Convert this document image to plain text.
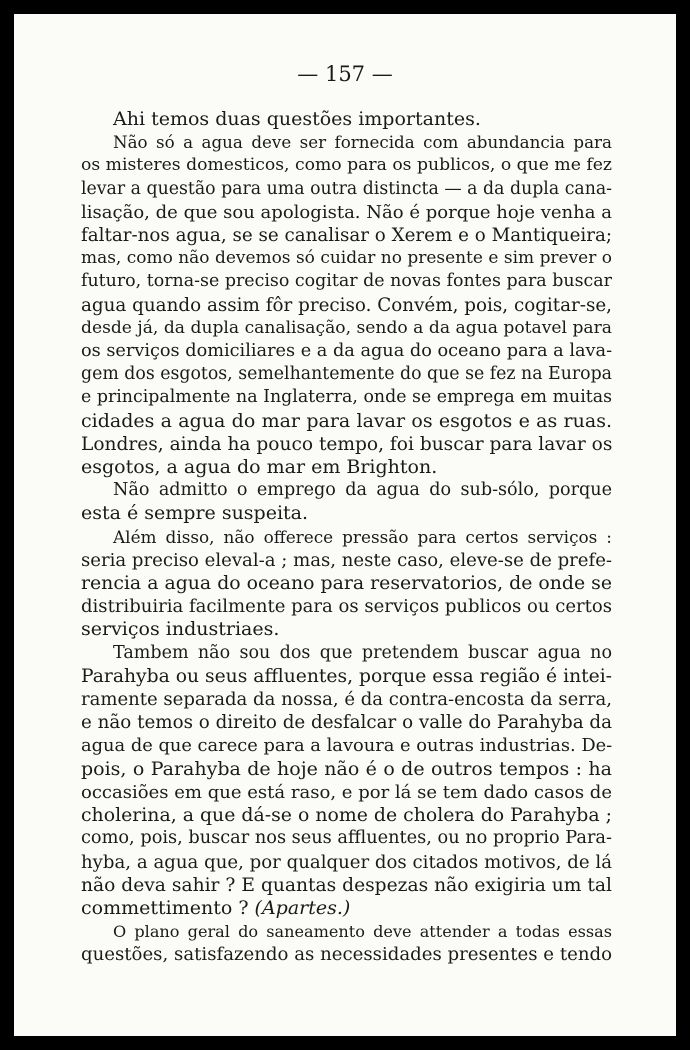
— 157 —

Ahi temos duas questões importantes.

Não só a agua deve ser fornecida com abundancia para
os misteres domesticos, como para os publicos, o que me fez
levar a questão para uma outra distincta — a da dupla cana-
lisação, de que sou apologista. Não é porque hoje venha a
faltar-nos agua, se se canalisar o Xerem e o Mantiqueira;
mas, como não devemos só cuidar no presente e sim prever o
futuro, torna-se preciso cogitar de novas fontes para buscar
agua quando assim fôr preciso. Convém, pois, cogitar-se,
desde já, da dupla canalisação, sendo a da agua potavel para
os serviços domiciliares e a da agua do oceano para a lava-
gem dos esgotos, semelhantemente do que se fez na Europa
e principalmente na Inglaterra, onde se emprega em muitas
cidades a agua do mar para lavar os esgotos e as ruas.
Londres, ainda ha pouco tempo, foi buscar para lavar os
esgotos, a agua do mar em Brighton.

Não admitto o emprego da agua do sub-sólo, porque
esta é sempre suspeita.

Além disso, não offerece pressão para certos serviços :
seria preciso eleval-a ; mas, neste caso, eleve-se de prefe-
rencia a agua do oceano para reservatorios, de onde se
distribuiria facilmente para os serviços publicos ou certos
serviços industriaes.

Tambem não sou dos que pretendem buscar agua no
Parahyba ou seus affluentes, porque essa região é intei-
ramente separada da nossa, é da contra-encosta da serra,
e não temos o direito de desfalcar o valle do Parahyba da
agua de que carece para a lavoura e outras industrias. De-
pois, o Parahyba de hoje não é o de outros tempos : ha
occasiões em que está raso, e por lá se tem dado casos de
cholerina, a que dá-se o nome de cholera do Parahyba ;
como, pois, buscar nos seus affluentes, ou no proprio Para-
hyba, a agua que, por qualquer dos citados motivos, de lá
não deva sahir ? E quantas despezas não exigiria um tal
commettimento ? (Apartes.)

O plano geral do saneamento deve attender a todas essas
questões, satisfazendo as necessidades presentes e tendo
